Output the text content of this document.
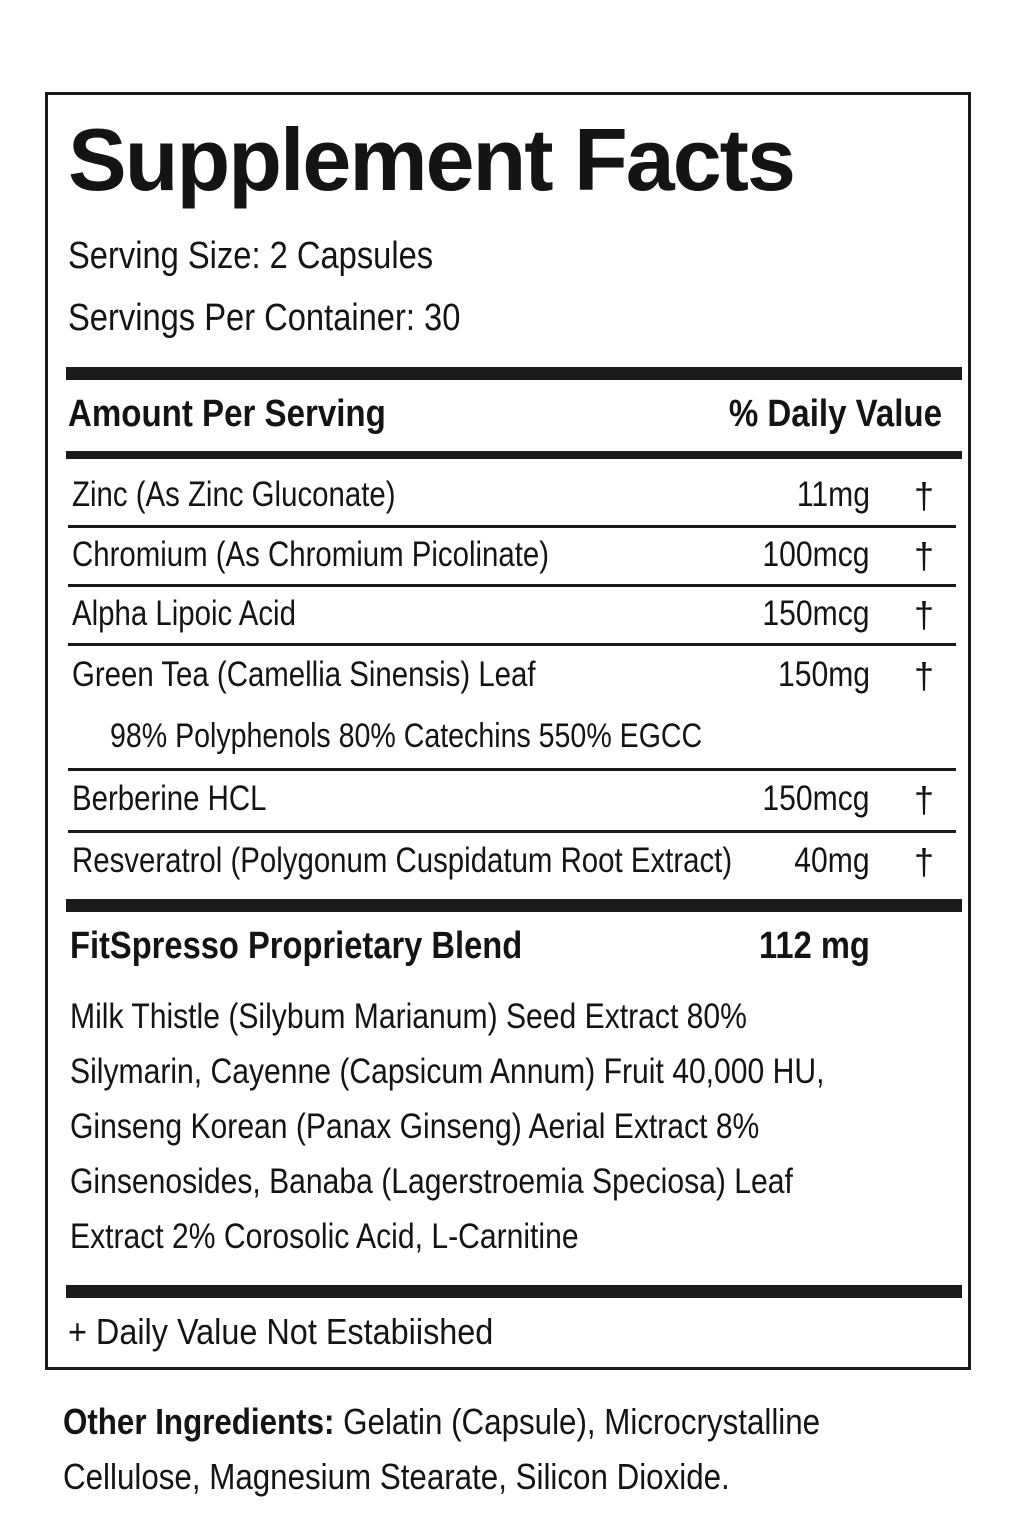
Supplement Facts
Serving Size: 2 Capsules
Servings Per Container: 30
Amount Per Serving	% Daily Value
Zinc (As Zinc Gluconate)	11mg †
Chromium (As Chromium Picolinate)	100mcg †
Alpha Lipoic Acid	150mcg †
Green Tea (Camellia Sinensis) Leaf	150mg †
98% Polyphenols 80% Catechins 550% EGCC
Berberine HCL	150mcg †
Resveratrol (Polygonum Cuspidatum Root Extract) 40mg †
FitSpresso Proprietary Blend	112 mg
Milk Thistle (Silybum Marianum) Seed Extract 80%
Silymarin, Cayenne (Capsicum Annum) Fruit 40,000 HU,
Ginseng Korean (Panax Ginseng) Aerial Extract 8%
Ginsenosides, Banaba (Lagerstroemia Speciosa) Leaf
Extract 2% Corosolic Acid, L-Carnitine
+ Daily Value Not Estabiished
Other Ingredients: Gelatin (Capsule), Microcrystalline
Cellulose, Magnesium Stearate, Silicon Dioxide.
